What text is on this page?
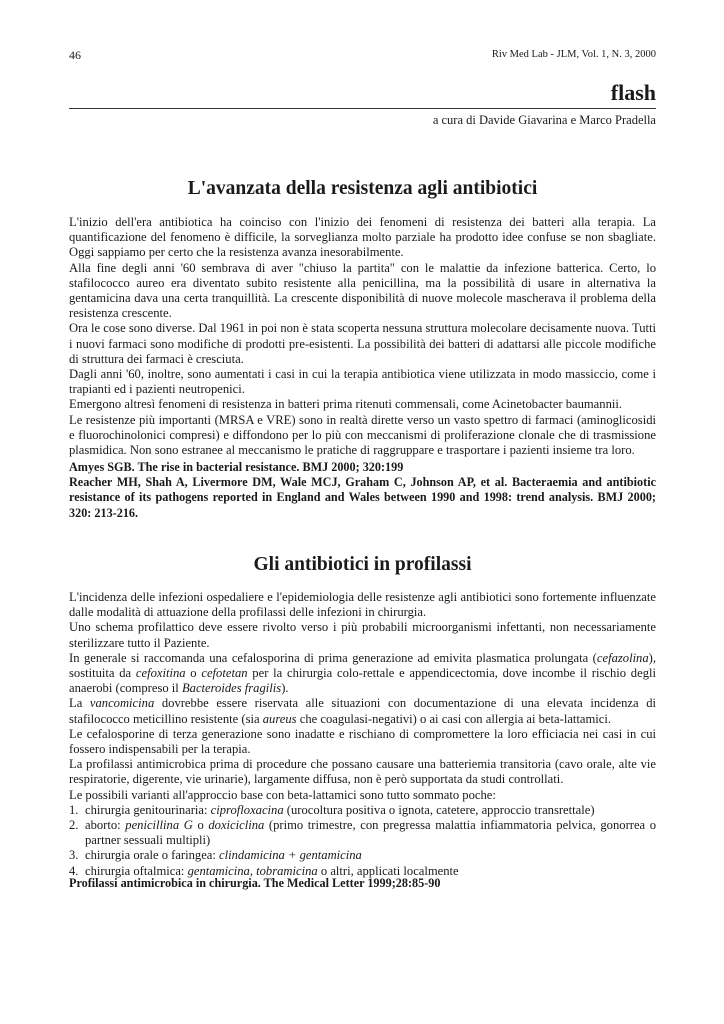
46	Riv Med Lab - JLM, Vol. 1, N. 3, 2000
flash
a cura di Davide Giavarina e Marco Pradella
L'avanzata della resistenza agli antibiotici

L'inizio dell'era antibiotica ha coinciso con l'inizio dei fenomeni di resistenza dei batteri alla terapia. La quantificazione del fenomeno è difficile, la sorveglianza molto parziale ha prodotto idee confuse se non sbagliate. Oggi sappiamo per certo che la resistenza avanza inesorabilmente.

Alla fine degli anni '60 sembrava di aver "chiuso la partita" con le malattie da infezione batterica. Certo, lo stafilococco aureo era diventato subito resistente alla penicillina, ma la possibilità di usare in alternativa la gentamicina dava una certa tranquillità. La crescente disponibilità di nuove molecole mascherava il problema della resistenza crescente.

Ora le cose sono diverse. Dal 1961 in poi non è stata scoperta nessuna struttura molecolare decisamente nuova. Tutti i nuovi farmaci sono modifiche di prodotti pre-esistenti. La possibilità dei batteri di adattarsi alle piccole modifiche di struttura dei farmaci è cresciuta.

Dagli anni '60, inoltre, sono aumentati i casi in cui la terapia antibiotica viene utilizzata in modo massiccio, come i trapianti ed i pazienti neutropenici.

Emergono altresì fenomeni di resistenza in batteri prima ritenuti commensali, come Acinetobacter baumannii.

Le resistenze più importanti (MRSA e VRE) sono in realtà dirette verso un vasto spettro di farmaci (aminoglicosidi e fluorochinolonici compresi) e diffondono per lo più con meccanismi di proliferazione clonale che di trasmissione plasmidica. Non sono estranee al meccanismo le pratiche di raggruppare e trasportare i pazienti insieme tra loro.

Amyes SGB. The rise in bacterial resistance. BMJ 2000; 320:199

Reacher MH, Shah A, Livermore DM, Wale MCJ, Graham C, Johnson AP, et al. Bacteraemia and antibiotic resistance of its pathogens reported in England and Wales between 1990 and 1998: trend analysis. BMJ 2000; 320: 213-216.

Gli antibiotici in profilassi

L'incidenza delle infezioni ospedaliere e l'epidemiologia delle resistenze agli antibiotici sono fortemente influenzate dalle modalità di attuazione della profilassi delle infezioni in chirurgia.

Uno schema profilattico deve essere rivolto verso i più probabili microorganismi infettanti, non necessariamente sterilizzare tutto il Paziente.

In generale si raccomanda una cefalosporina di prima generazione ad emivita plasmatica prolungata (cefazolina), sostituita da cefoxitina o cefotetan per la chirurgia colo-rettale e appendicectomia, dove incombe il rischio degli anaerobi (compreso il Bacteroides fragilis).

La vancomicina dovrebbe essere riservata alle situazioni con documentazione di una elevata incidenza di stafilococco meticillino resistente (sia aureus che coagulasi-negativi) o ai casi con allergia ai beta-lattamici.

Le cefalosporine di terza generazione sono inadatte e rischiano di compromettere la loro efficiacia nei casi in cui fossero indispensabili per la terapia.

La profilassi antimicrobica prima di procedure che possano causare una batteriemia transitoria (cavo orale, alte vie respiratorie, digerente, vie urinarie), largamente diffusa, non è però supportata da studi controllati.

Le possibili varianti all'approccio base con beta-lattamici sono tutto sommato poche:

1. chirurgia genitourinaria: ciprofloxacina (urocoltura positiva o ignota, catetere, approccio transrettale)
2. aborto: penicillina G o doxiciclina (primo trimestre, con pregressa malattia infiammatoria pelvica, gonorrea o partner sessuali multipli)
3. chirurgia orale o faringea: clindamicina + gentamicina
4. chirurgia oftalmica: gentamicina, tobramicina o altri, applicati localmente

Profilassi antimicrobica in chirurgia. The Medical Letter 1999;28:85-90
